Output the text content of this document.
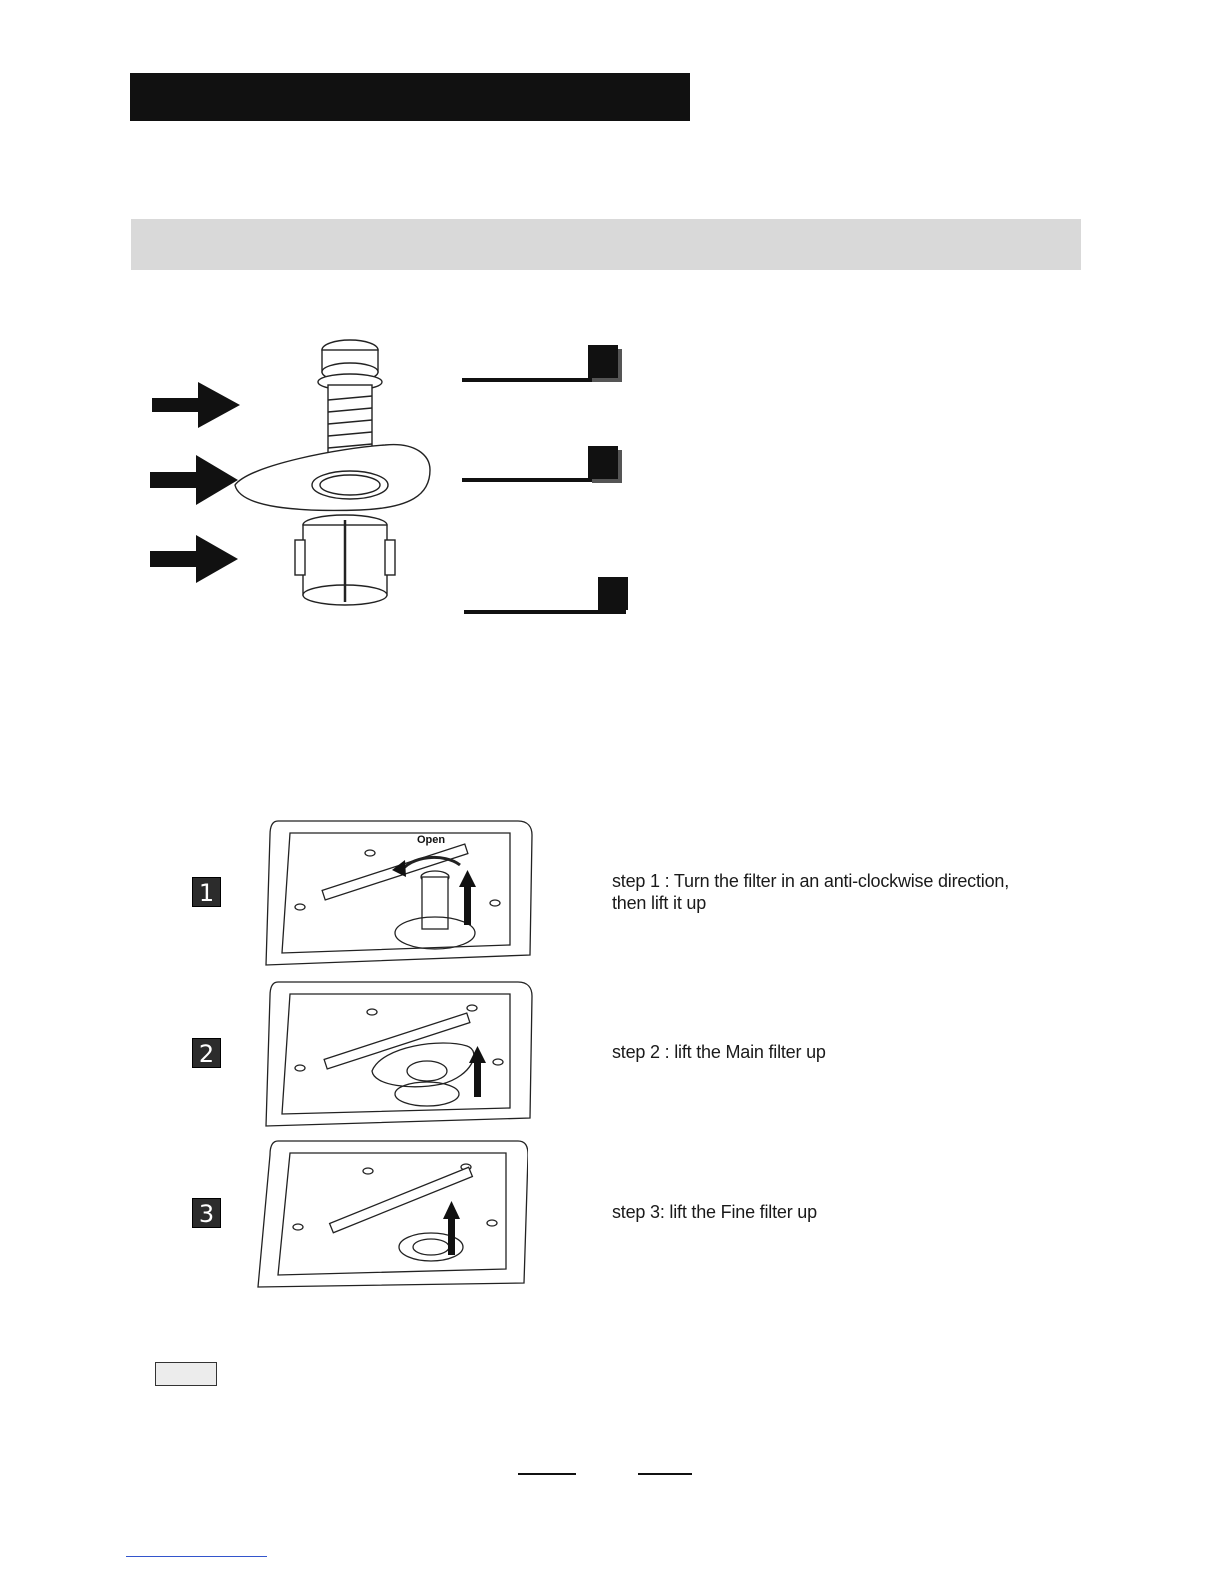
1
2
3
Open
step 1 : Turn the filter in an anti-clockwise direction,
then lift it up
step 2 : lift the Main filter up
step 3: lift the Fine filter up
